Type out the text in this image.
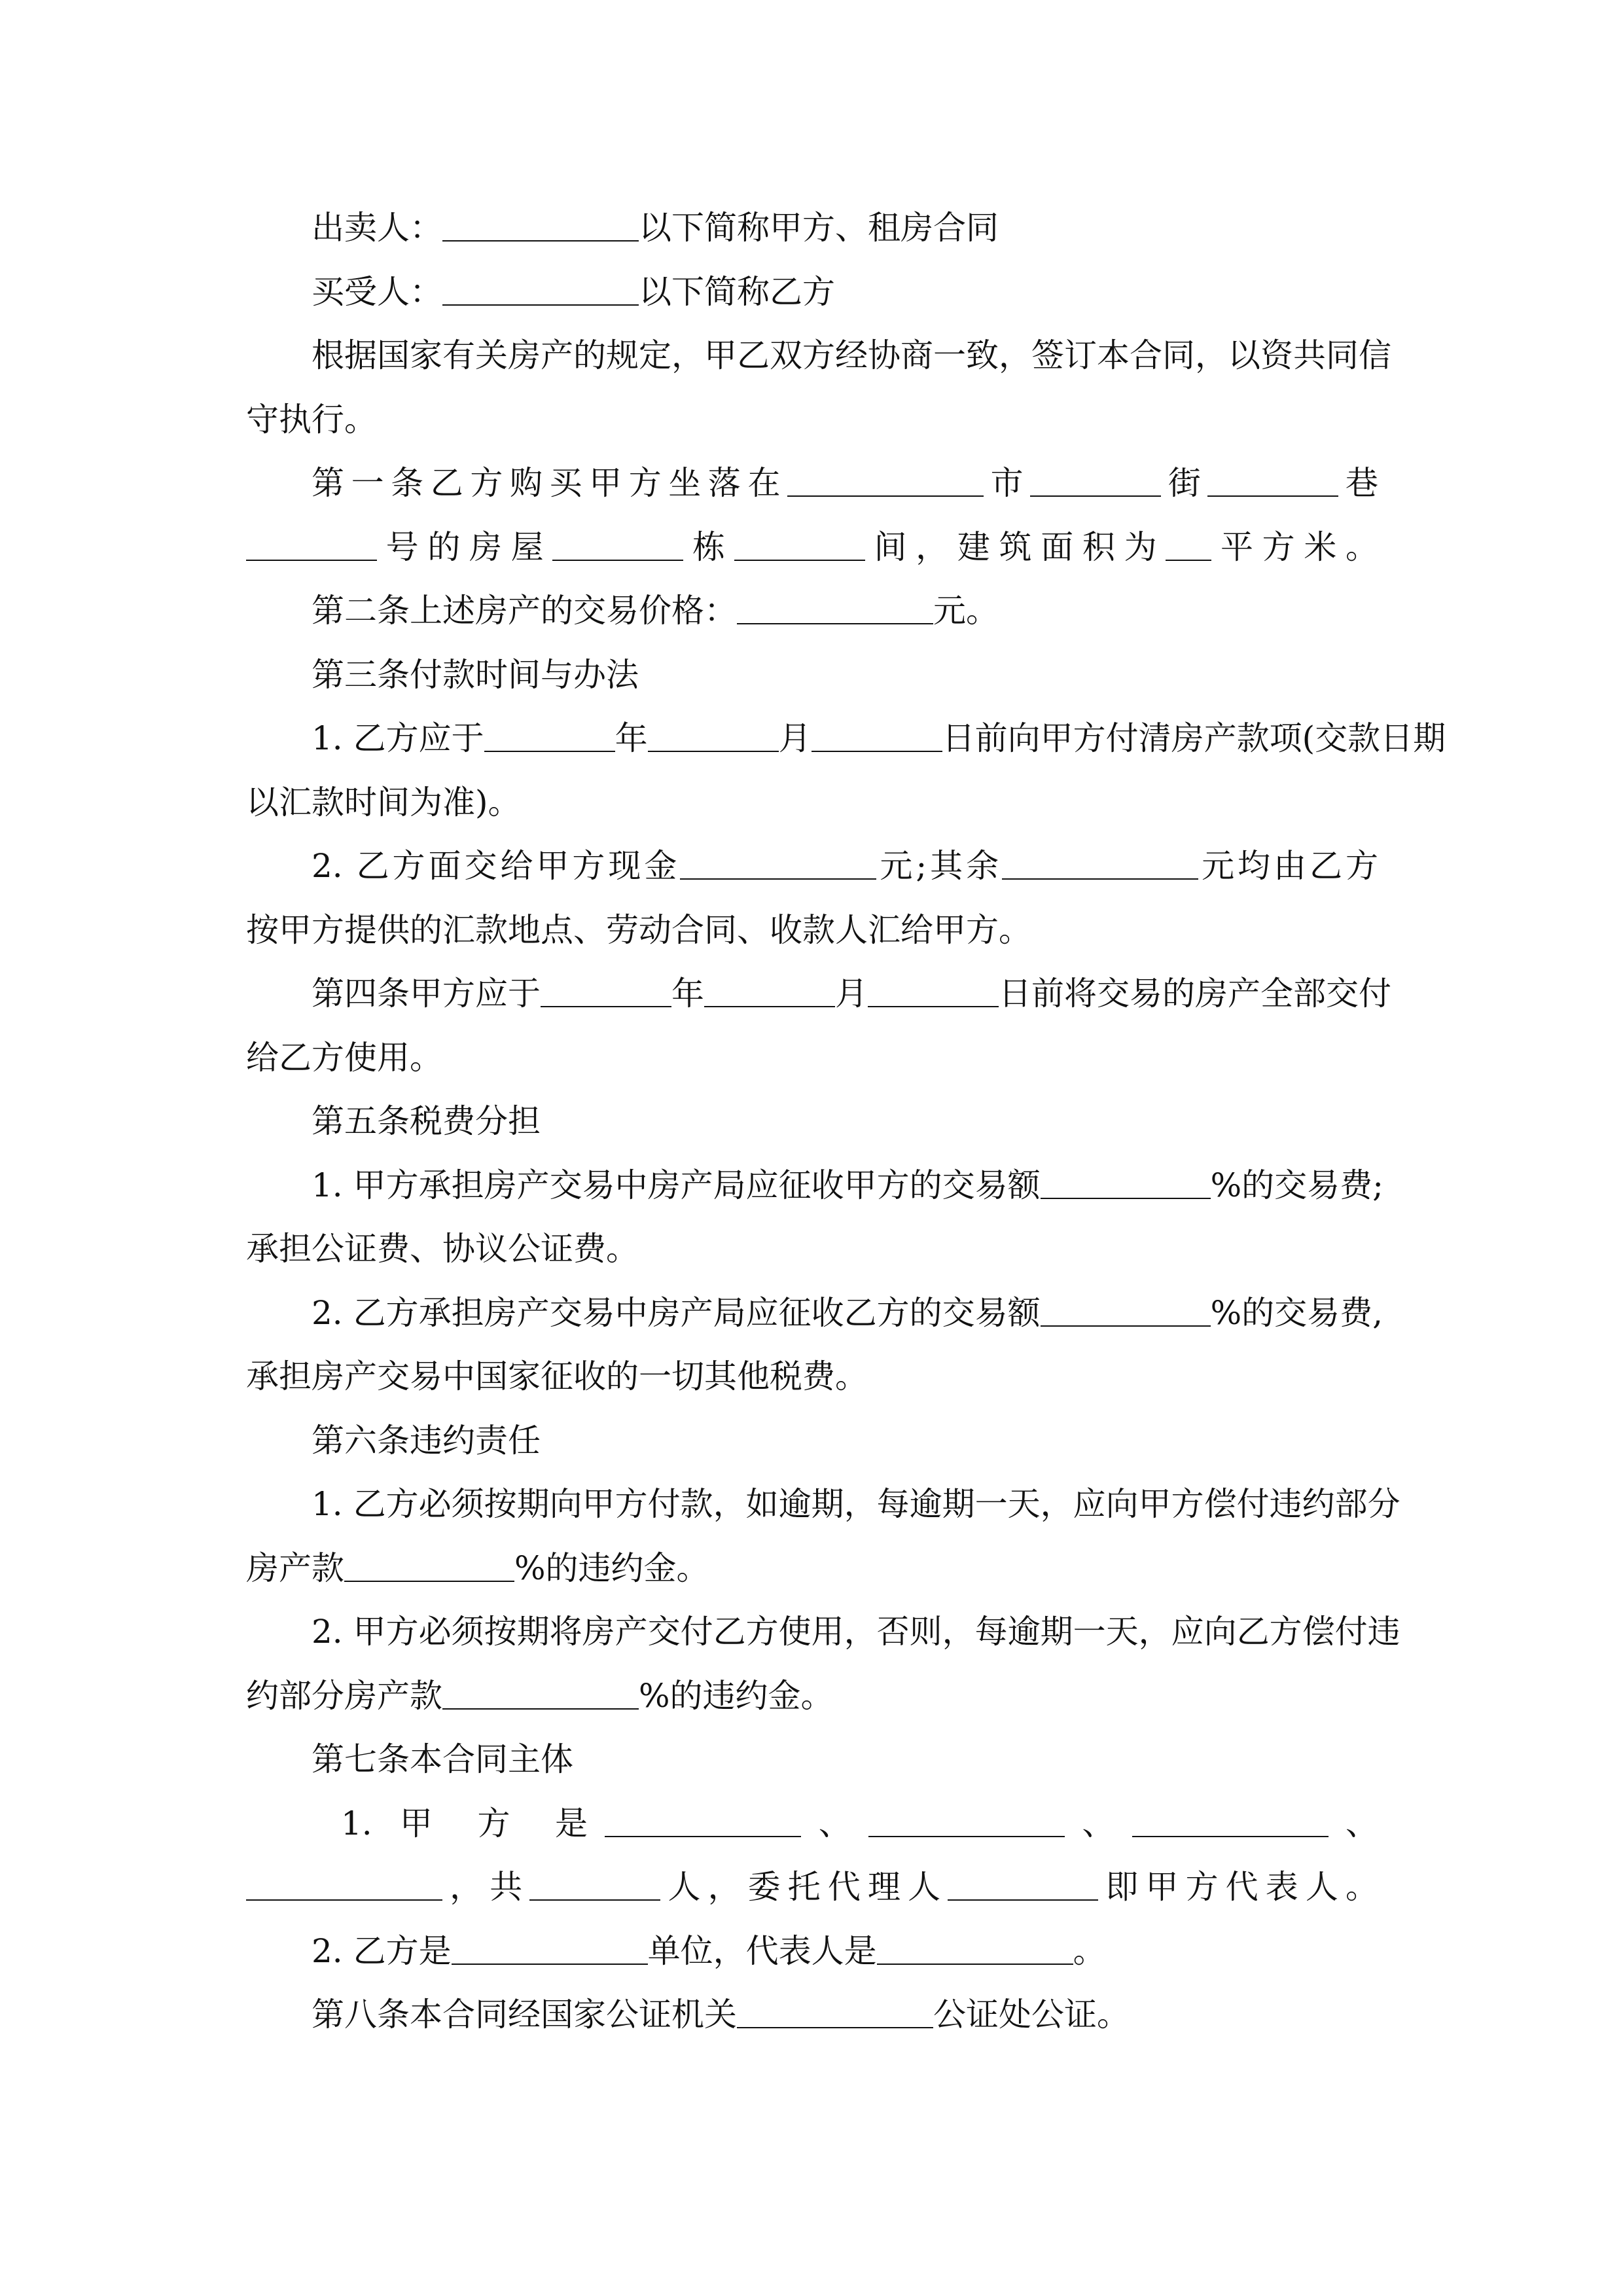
出卖人：	以下简称甲方、租房合同

买受人：	以下简称乙方

根据国家有关房产的规定，甲乙双方经协商一致，签订本合同，以资共同信

守执行。

第一条乙方购买甲方坐落在	市	街	巷

号的房屋	栋	间，建筑面积为 平方米。

第二条上述房产的交易价格：	元。

第三条付款时间与办法

1. 乙方应于	年	月	日前向甲方付清房产款项(交款日期

以汇款时间为准)。

2. 乙方面交给甲方现金	元;其余	元均由乙方

按甲方提供的汇款地点、劳动合同、收款人汇给甲方。

第四条甲方应于	年	月	日前将交易的房产全部交付

给乙方使用。

第五条税费分担

1. 甲方承担房产交易中房产局应征收甲方的交易额	%的交易费;

承担公证费、协议公证费。

2. 乙方承担房产交易中房产局应征收乙方的交易额	%的交易费,

承担房产交易中国家征收的一切其他税费。

第六条违约责任

1. 乙方必须按期向甲方付款，如逾期，每逾期一天，应向甲方偿付违约部分

房产款	%的违约金。

2. 甲方必须按期将房产交付乙方使用，否则，每逾期一天，应向乙方偿付违

约部分房产款	%的违约金。

第七条本合同主体

1. 甲 方 是	、	、	、

，共	人，委托代理人	即甲方代表人。

2. 乙方是	单位，代表人是	。

第八条本合同经国家公证机关	公证处公证。
